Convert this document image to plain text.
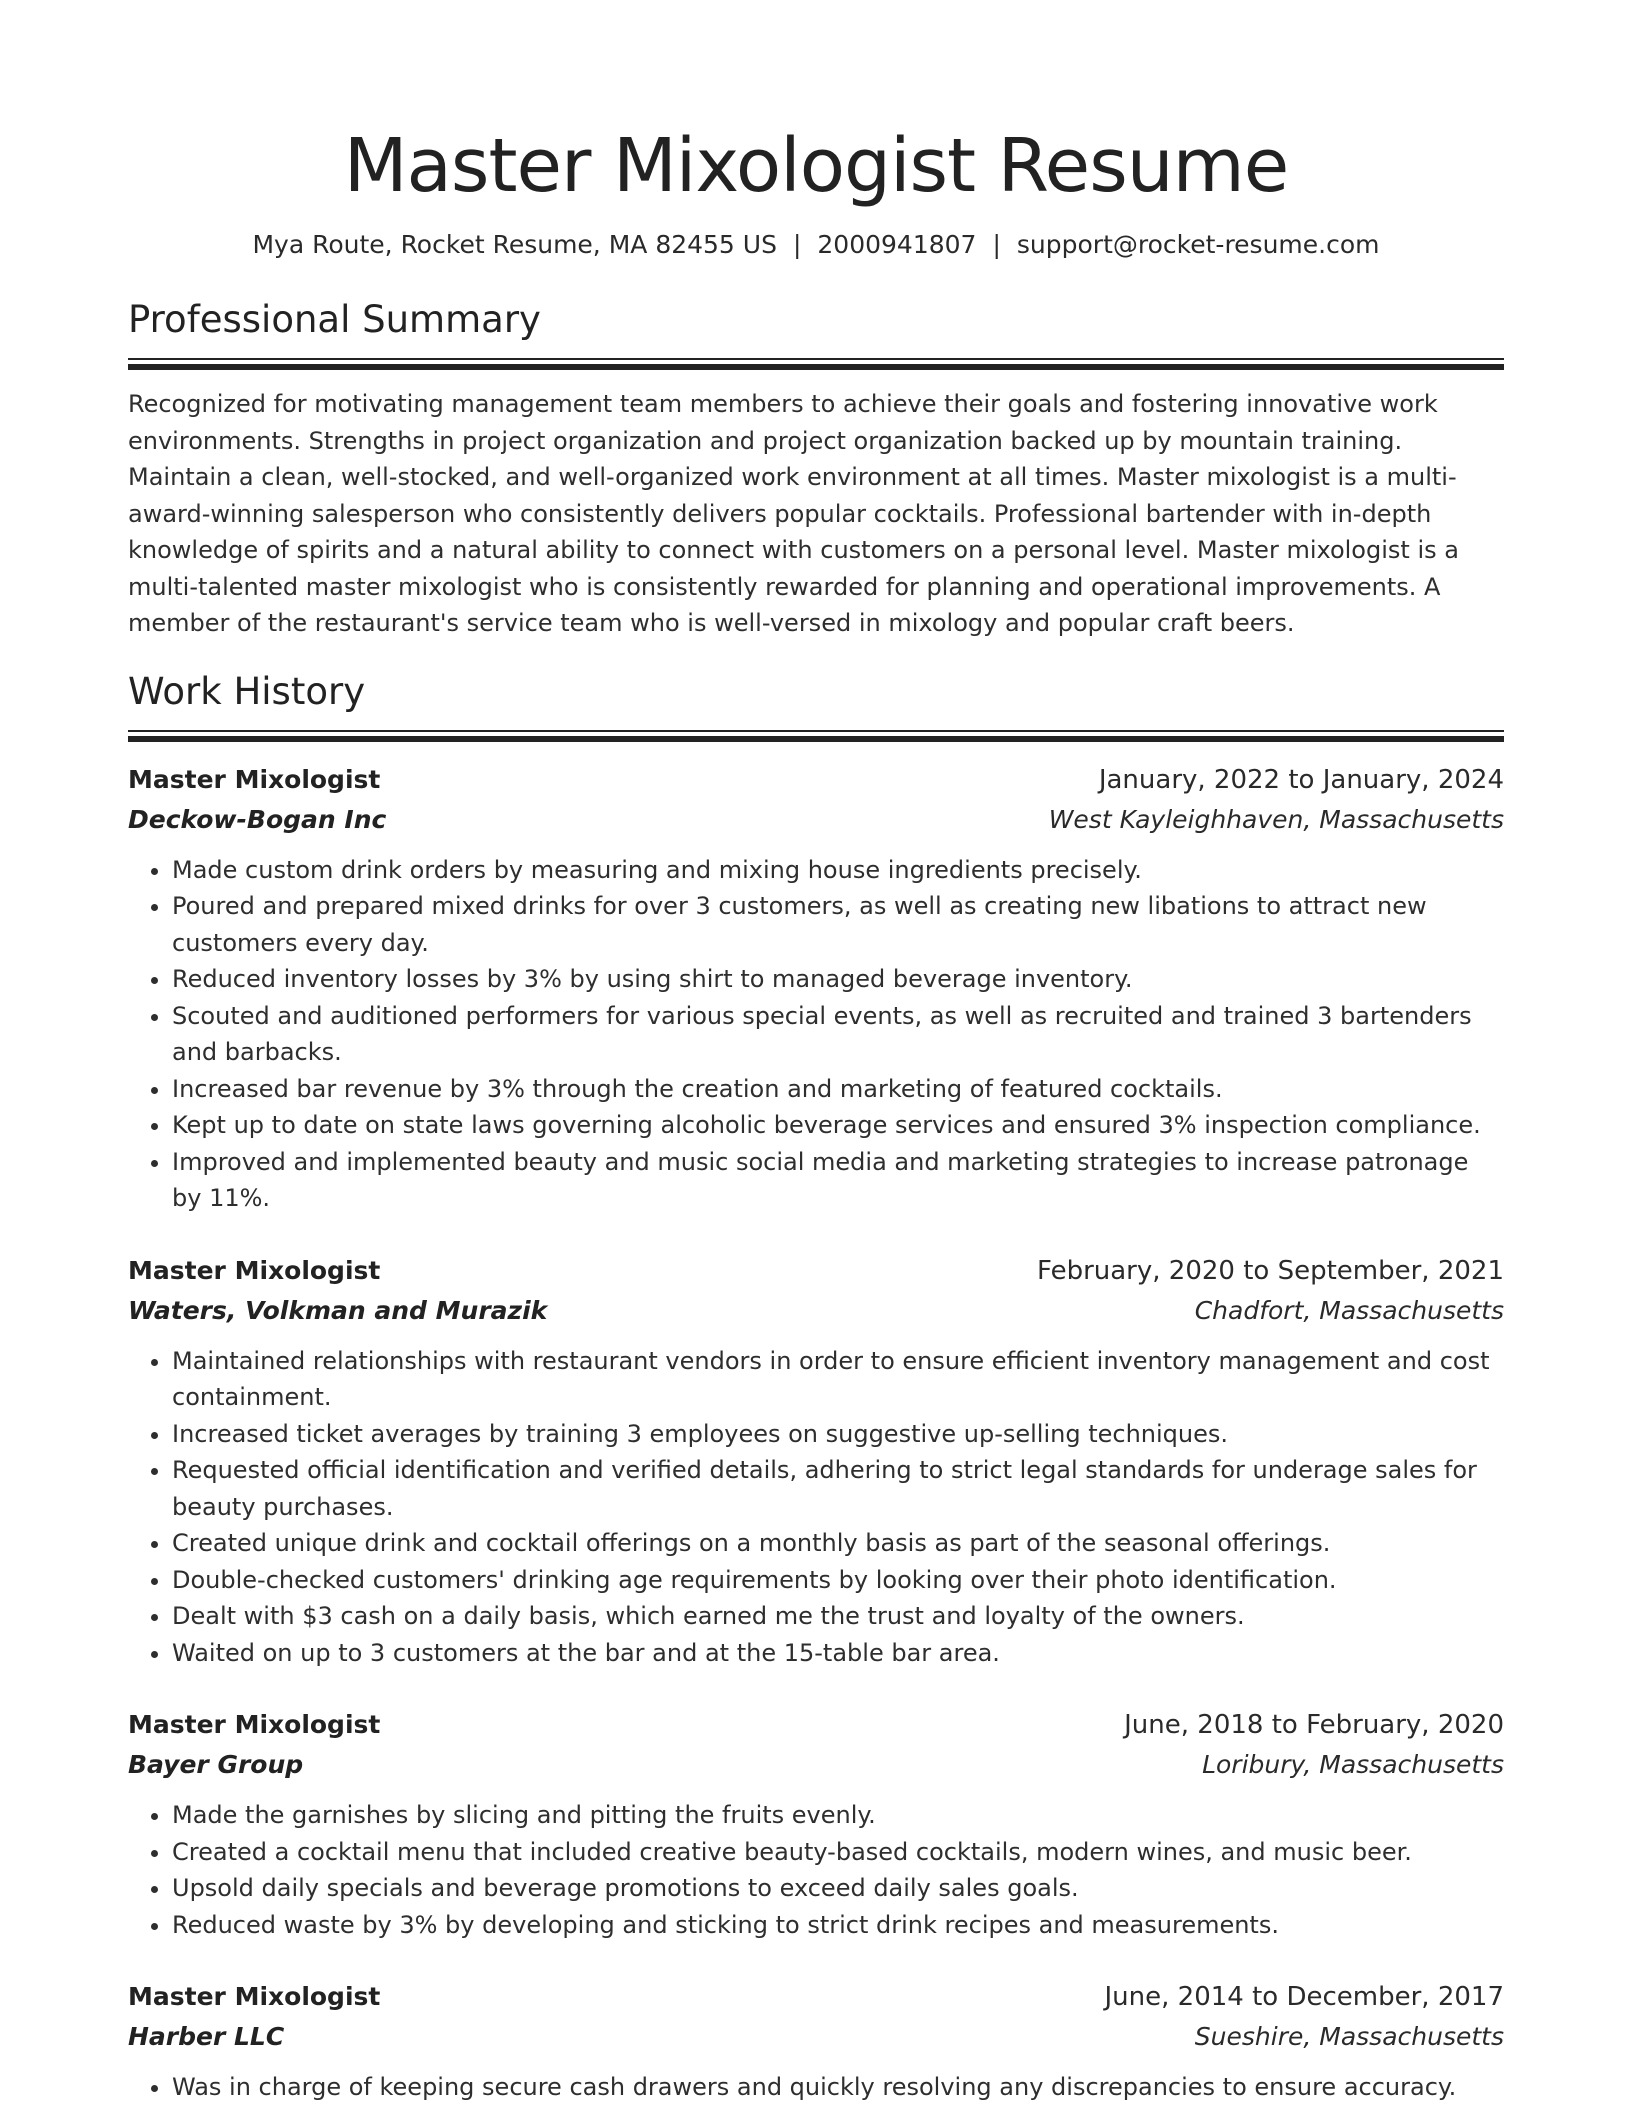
Master Mixologist Resume
Mya Route, Rocket Resume, MA 82455 US | 2000941807 | support@rocket-resume.com
Professional Summary

Recognized for motivating management team members to achieve their goals and fostering innovative work environments. Strengths in project organization and project organization backed up by mountain training. Maintain a clean, well-stocked, and well-organized work environment at all times. Master mixologist is a multi-award-winning salesperson who consistently delivers popular cocktails. Professional bartender with in-depth knowledge of spirits and a natural ability to connect with customers on a personal level. Master mixologist is a multi-talented master mixologist who is consistently rewarded for planning and operational improvements. A member of the restaurant's service team who is well-versed in mixology and popular craft beers.

Work History
Master Mixologist	January, 2022 to January, 2024
Deckow-Bogan Inc	West Kayleighhaven, Massachusetts
• Made custom drink orders by measuring and mixing house ingredients precisely.
• Poured and prepared mixed drinks for over 3 customers, as well as creating new libations to attract new customers every day.
• Reduced inventory losses by 3% by using shirt to managed beverage inventory.
• Scouted and auditioned performers for various special events, as well as recruited and trained 3 bartenders and barbacks.
• Increased bar revenue by 3% through the creation and marketing of featured cocktails.
• Kept up to date on state laws governing alcoholic beverage services and ensured 3% inspection compliance.
• Improved and implemented beauty and music social media and marketing strategies to increase patronage by 11%.
Master Mixologist	February, 2020 to September, 2021
Waters, Volkman and Murazik	Chadfort, Massachusetts
• Maintained relationships with restaurant vendors in order to ensure efficient inventory management and cost containment.
• Increased ticket averages by training 3 employees on suggestive up-selling techniques.
• Requested official identification and verified details, adhering to strict legal standards for underage sales for beauty purchases.
• Created unique drink and cocktail offerings on a monthly basis as part of the seasonal offerings.
• Double-checked customers' drinking age requirements by looking over their photo identification.
• Dealt with $3 cash on a daily basis, which earned me the trust and loyalty of the owners.
• Waited on up to 3 customers at the bar and at the 15-table bar area.
Master Mixologist	June, 2018 to February, 2020
Bayer Group	Loribury, Massachusetts
• Made the garnishes by slicing and pitting the fruits evenly.
• Created a cocktail menu that included creative beauty-based cocktails, modern wines, and music beer.
• Upsold daily specials and beverage promotions to exceed daily sales goals.
• Reduced waste by 3% by developing and sticking to strict drink recipes and measurements.
Master Mixologist	June, 2014 to December, 2017
Harber LLC	Sueshire, Massachusetts
• Was in charge of keeping secure cash drawers and quickly resolving any discrepancies to ensure accuracy.
